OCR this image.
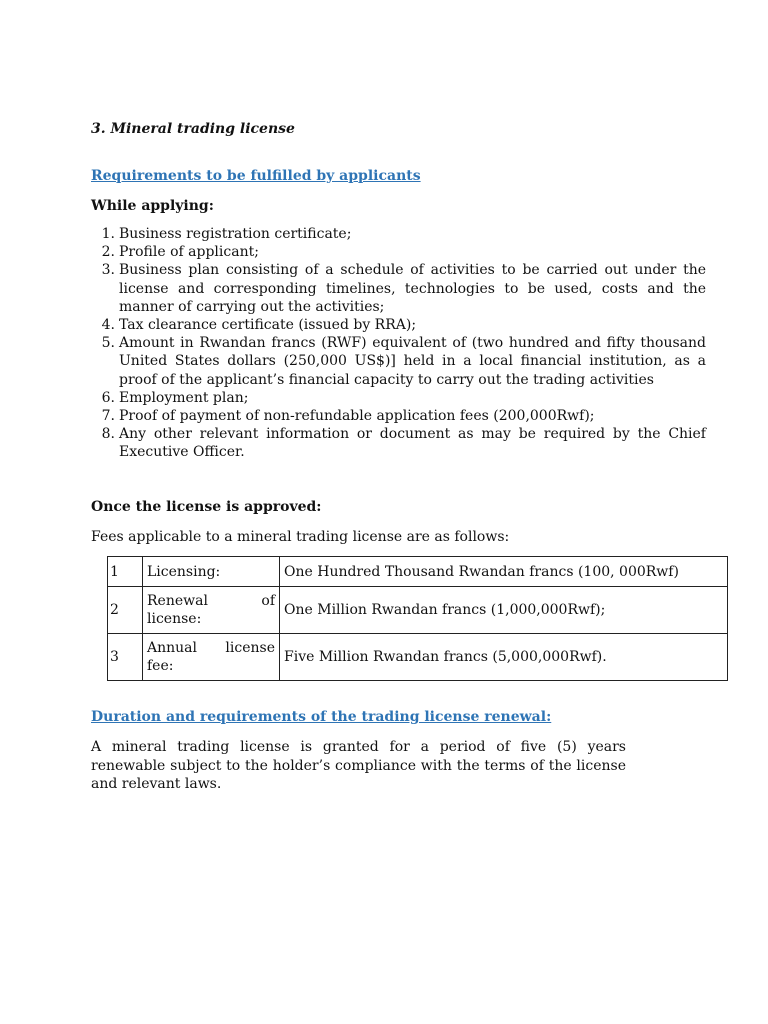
3. Mineral trading license
Requirements to be fulfilled by applicants
While applying:
1. Business registration certificate;
2. Profile of applicant;
3. Business plan consisting of a schedule of activities to be carried out under the license and corresponding timelines, technologies to be used, costs and the manner of carrying out the activities;
4. Tax clearance certificate (issued by RRA);
5. Amount in Rwandan francs (RWF) equivalent of (two hundred and fifty thousand United States dollars (250,000 US$)] held in a local financial institution, as a proof of the applicant’s financial capacity to carry out the trading activities
6. Employment plan;
7. Proof of payment of non-refundable application fees (200,000Rwf);
8. Any other relevant information or document as may be required by the Chief Executive Officer.
Once the license is approved:
Fees applicable to a mineral trading license are as follows:
1	Licensing:	One Hundred Thousand Rwandan francs (100, 000Rwf)
2	Renewal of license:	One Million Rwandan francs (1,000,000Rwf);
3	Annual license fee:	Five Million Rwandan francs (5,000,000Rwf).
Duration and requirements of the trading license renewal:
A mineral trading license is granted for a period of five (5) years renewable subject to the holder’s compliance with the terms of the license and relevant laws.
